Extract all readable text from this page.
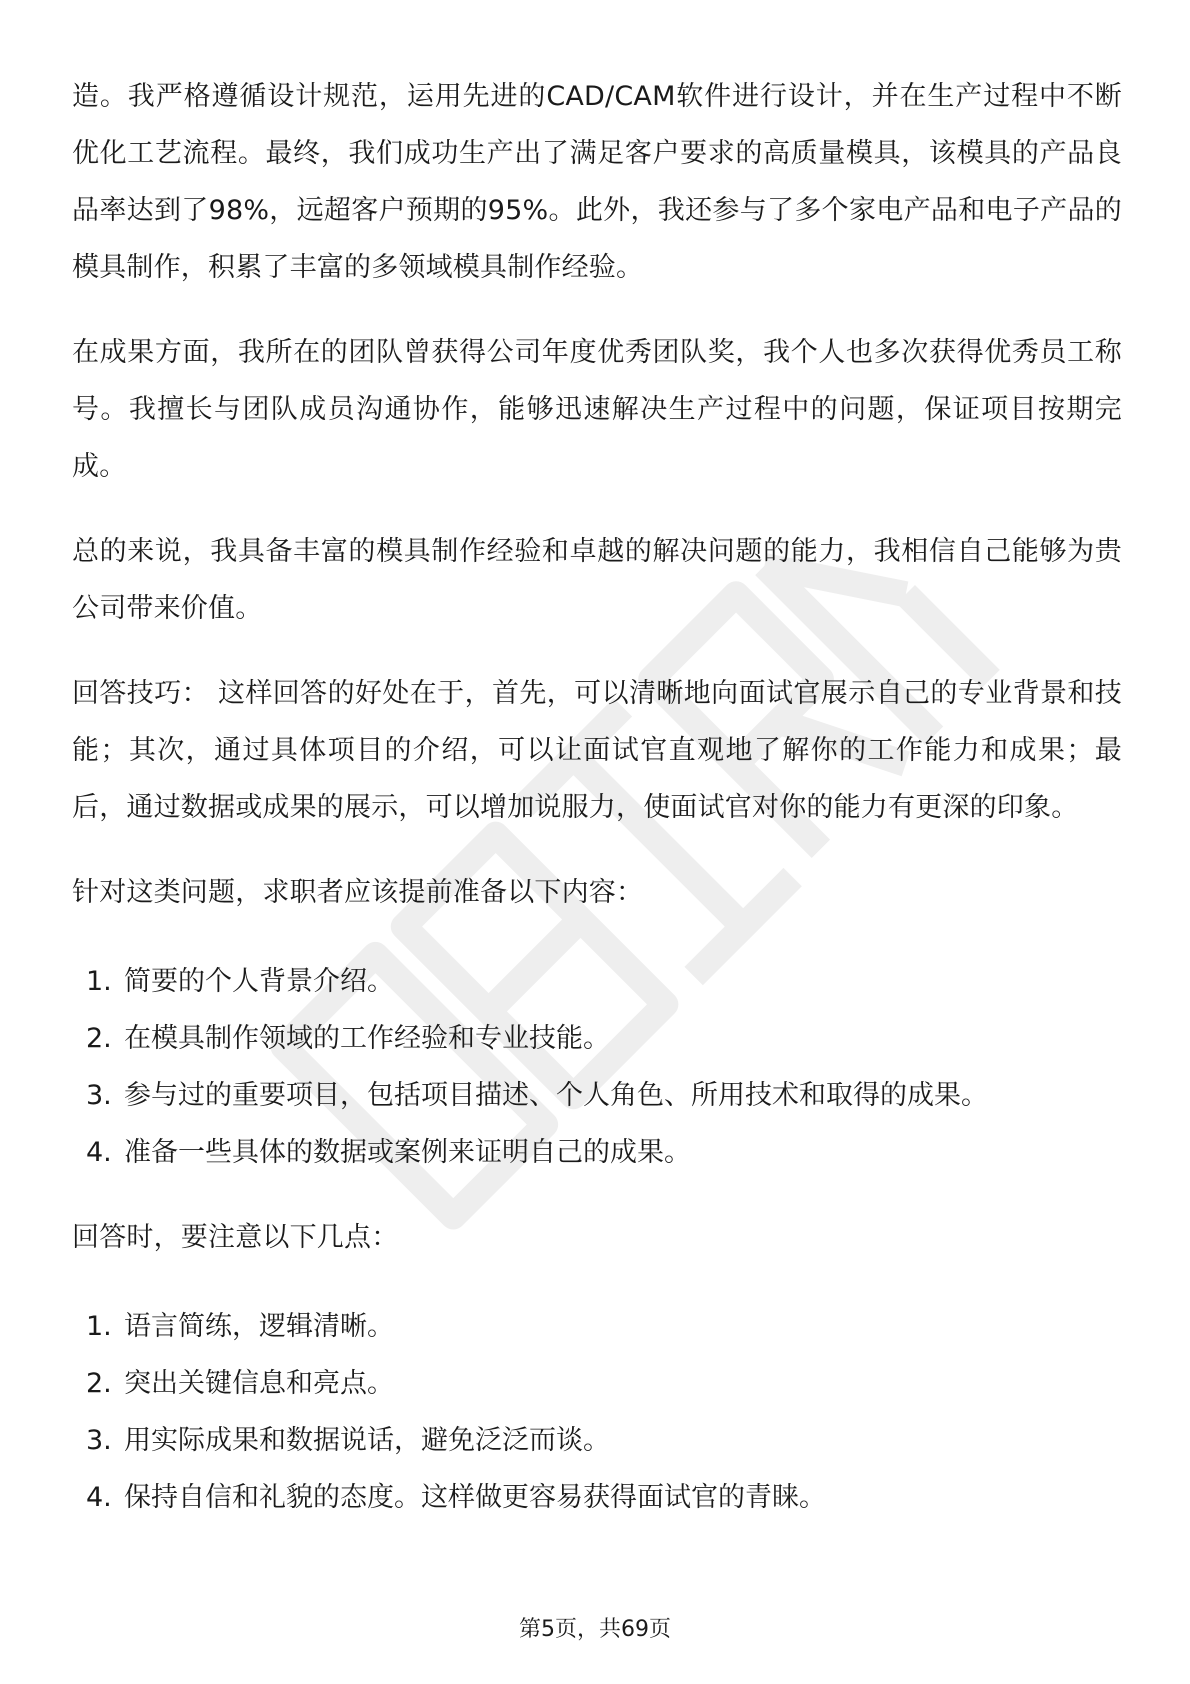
造。我严格遵循设计规范，运用先进的CAD/CAM软件进行设计，并在生产过程中不断优化工艺流程。最终，我们成功生产出了满足客户要求的高质量模具，该模具的产品良品率达到了98%，远超客户预期的95%。此外，我还参与了多个家电产品和电子产品的模具制作，积累了丰富的多领域模具制作经验。

在成果方面，我所在的团队曾获得公司年度优秀团队奖，我个人也多次获得优秀员工称号。我擅长与团队成员沟通协作，能够迅速解决生产过程中的问题，保证项目按期完成。

总的来说，我具备丰富的模具制作经验和卓越的解决问题的能力，我相信自己能够为贵公司带来价值。

回答技巧： 这样回答的好处在于，首先，可以清晰地向面试官展示自己的专业背景和技能；其次，通过具体项目的介绍，可以让面试官直观地了解你的工作能力和成果；最后，通过数据或成果的展示，可以增加说服力，使面试官对你的能力有更深的印象。

针对这类问题，求职者应该提前准备以下内容：

1. 简要的个人背景介绍。
2. 在模具制作领域的工作经验和专业技能。
3. 参与过的重要项目，包括项目描述、个人角色、所用技术和取得的成果。
4. 准备一些具体的数据或案例来证明自己的成果。

回答时，要注意以下几点：

1. 语言简练，逻辑清晰。
2. 突出关键信息和亮点。
3. 用实际成果和数据说话，避免泛泛而谈。
4. 保持自信和礼貌的态度。这样做更容易获得面试官的青睐。
第5页，共69页
